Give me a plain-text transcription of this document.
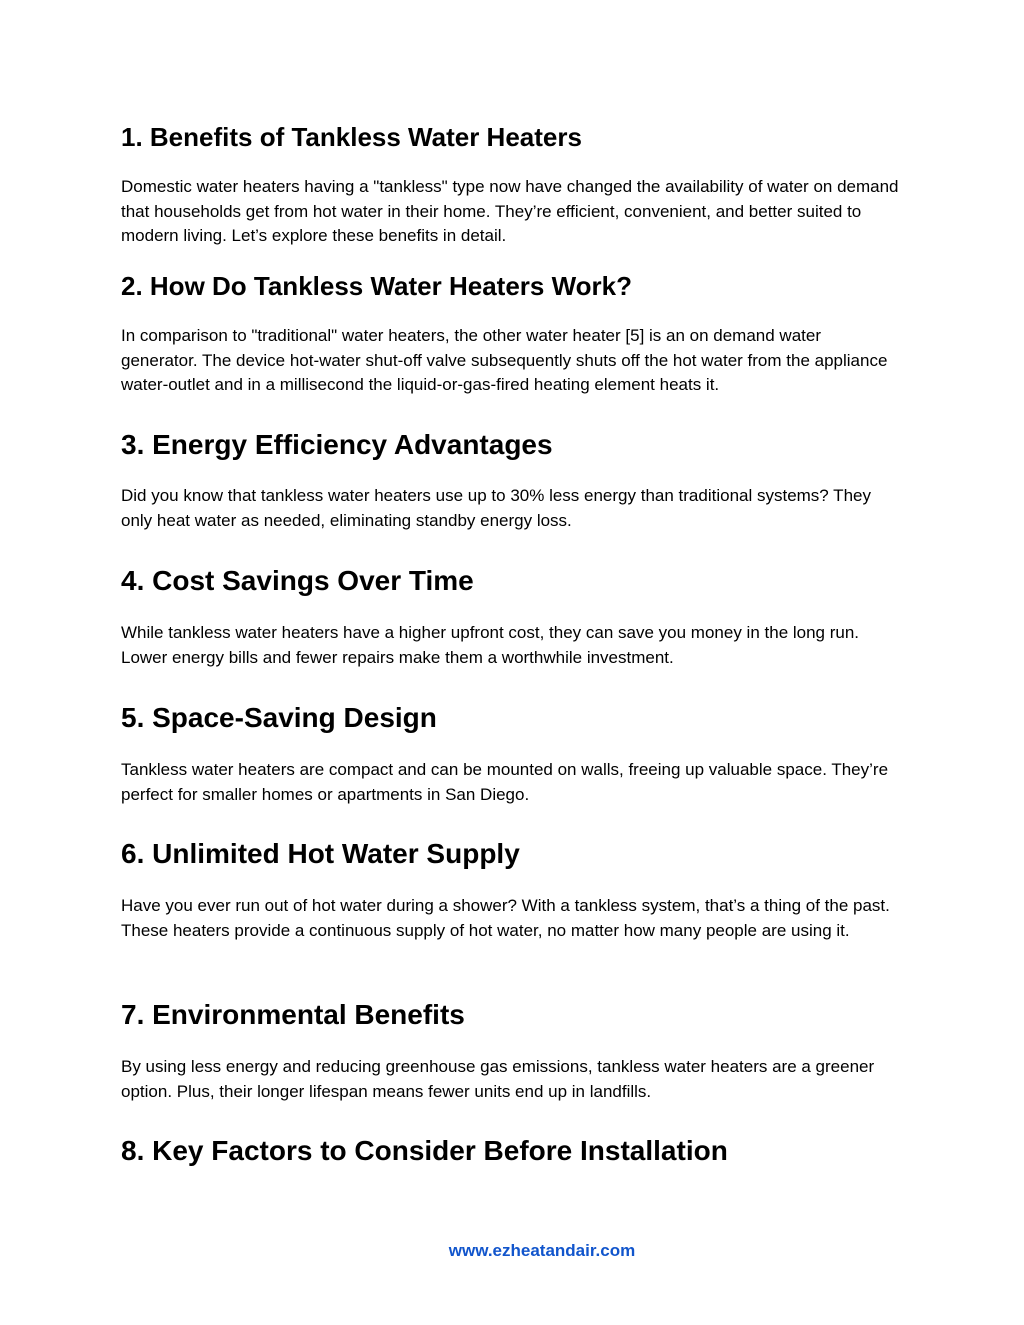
1. Benefits of Tankless Water Heaters

Domestic water heaters having a "tankless" type now have changed the availability of water on demand that households get from hot water in their home. They’re efficient, convenient, and better suited to modern living. Let’s explore these benefits in detail.

2. How Do Tankless Water Heaters Work?

In comparison to "traditional" water heaters, the other water heater [5] is an on demand water generator. The device hot-water shut-off valve subsequently shuts off the hot water from the appliance water-outlet and in a millisecond the liquid-or-gas-fired heating element heats it.

3. Energy Efficiency Advantages

Did you know that tankless water heaters use up to 30% less energy than traditional systems? They only heat water as needed, eliminating standby energy loss.

4. Cost Savings Over Time

While tankless water heaters have a higher upfront cost, they can save you money in the long run. Lower energy bills and fewer repairs make them a worthwhile investment.

5. Space-Saving Design

Tankless water heaters are compact and can be mounted on walls, freeing up valuable space. They’re perfect for smaller homes or apartments in San Diego.

6. Unlimited Hot Water Supply

Have you ever run out of hot water during a shower? With a tankless system, that’s a thing of the past. These heaters provide a continuous supply of hot water, no matter how many people are using it.

7. Environmental Benefits

By using less energy and reducing greenhouse gas emissions, tankless water heaters are a greener option. Plus, their longer lifespan means fewer units end up in landfills.

8. Key Factors to Consider Before Installation
www.ezheatandair.com
